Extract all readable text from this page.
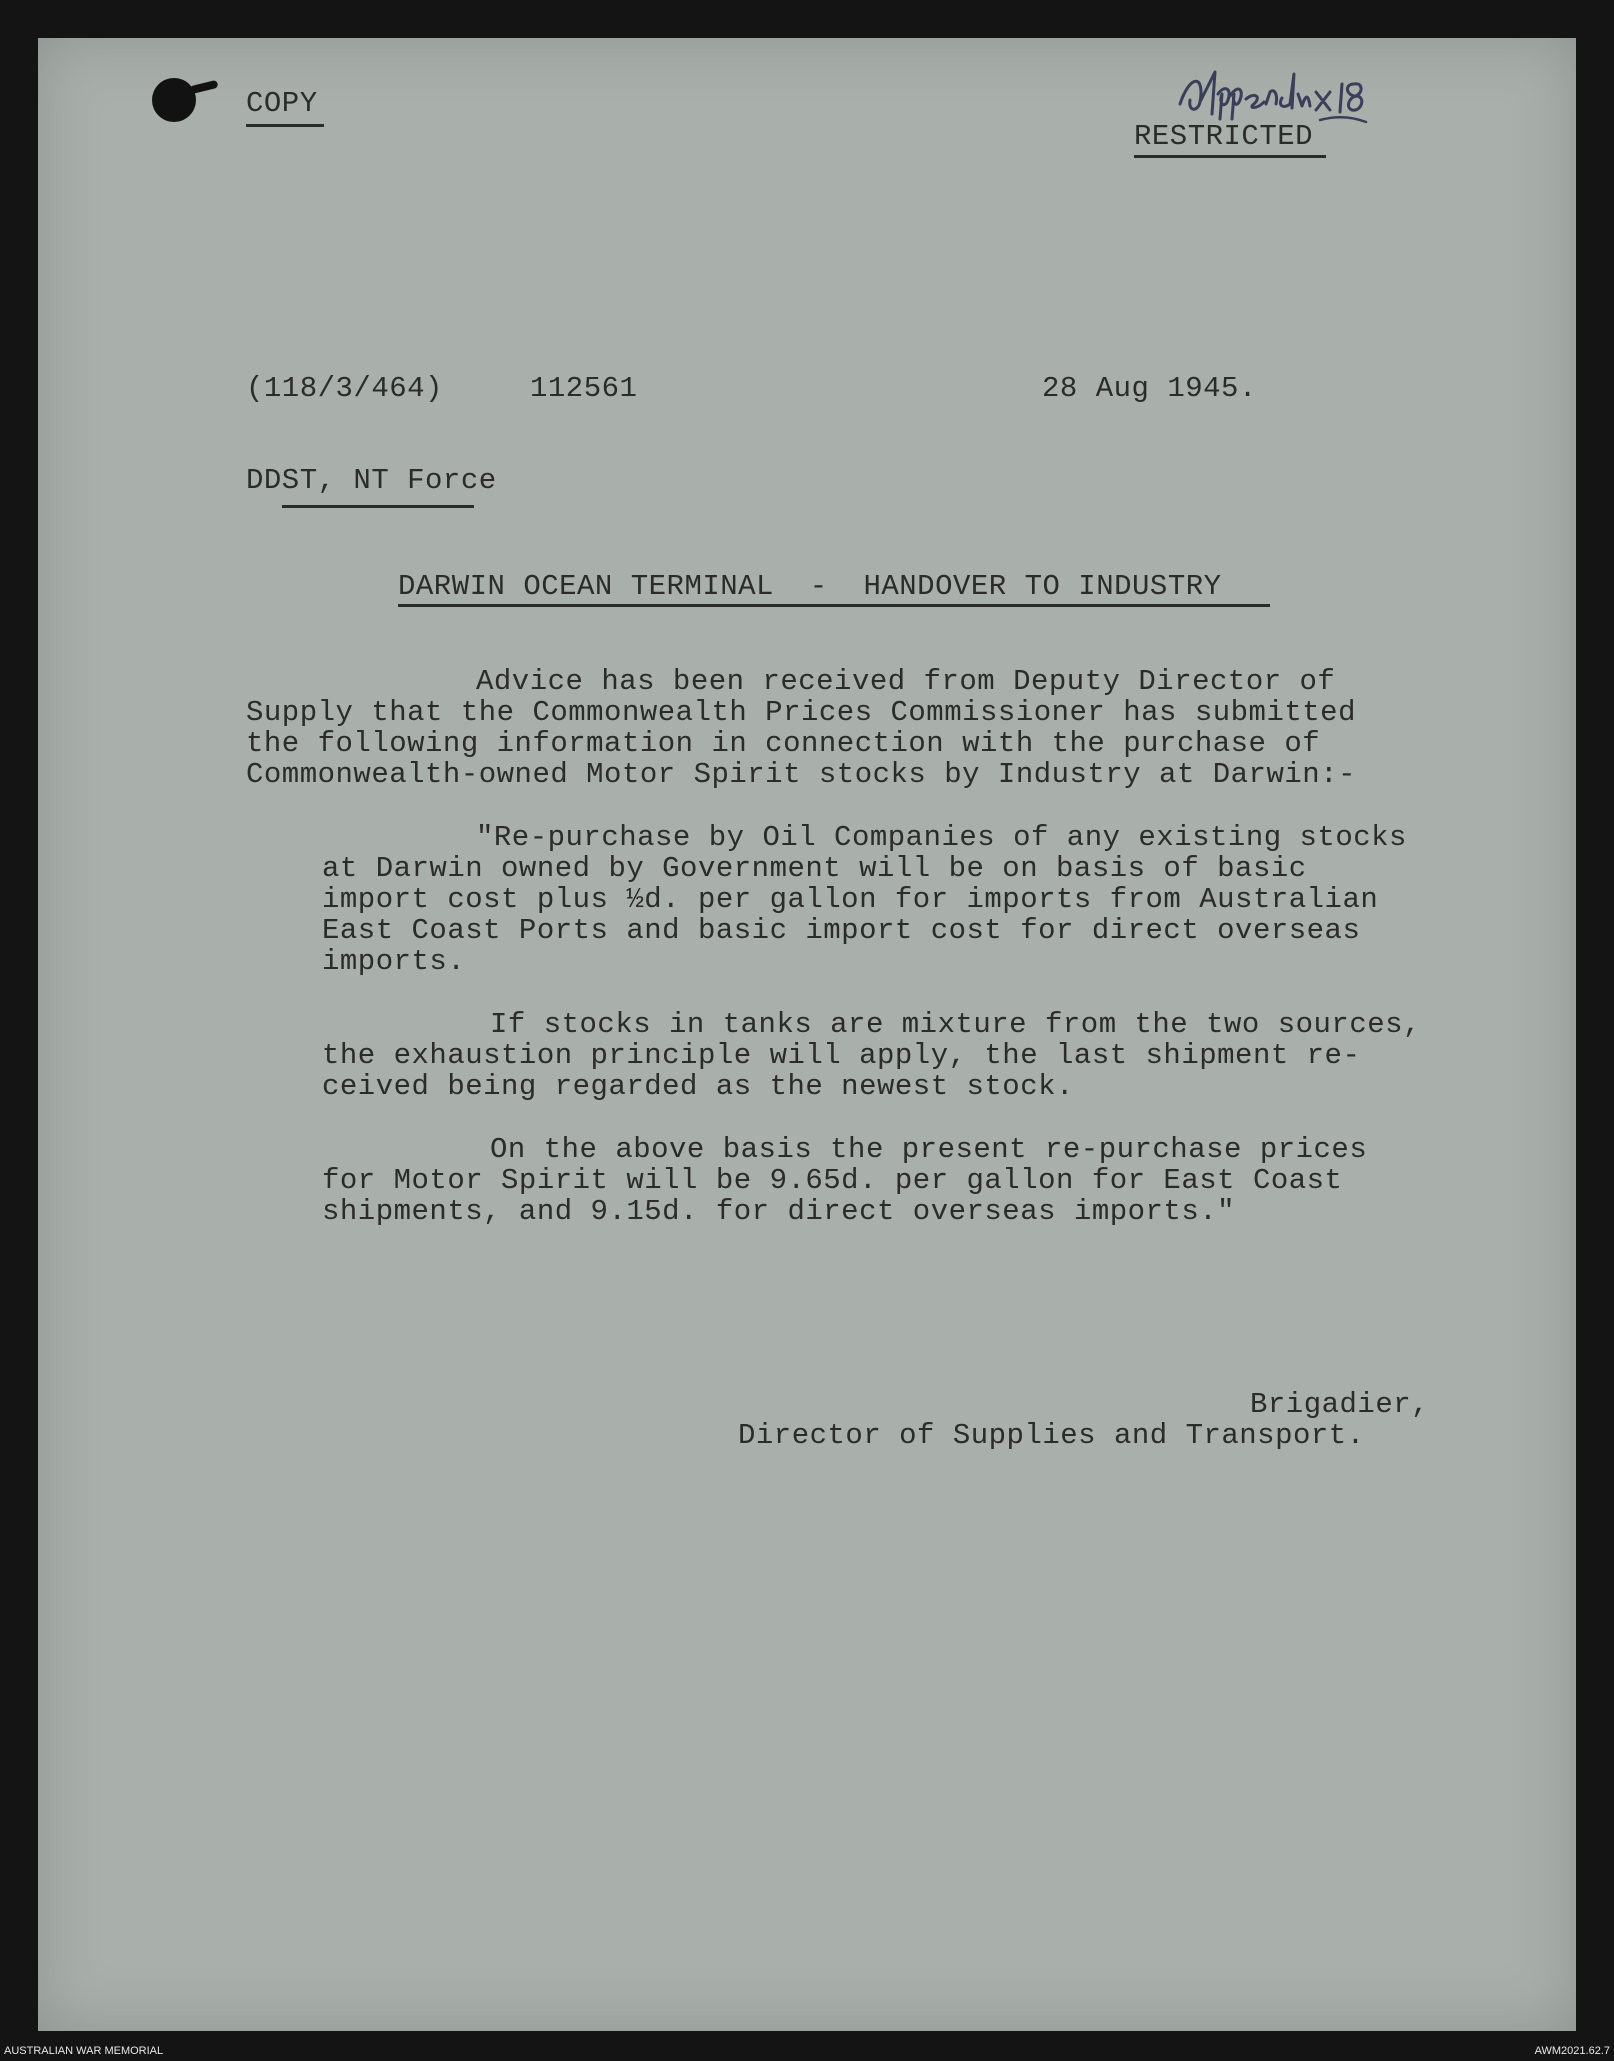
COPY
RESTRICTED
(118/3/464)	112561	28 Aug 1945.
DDST, NT Force
DARWIN OCEAN TERMINAL  -  HANDOVER TO INDUSTRY
Advice has been received from Deputy Director of
Supply that the Commonwealth Prices Commissioner has submitted
the following information in connection with the purchase of
Commonwealth-owned Motor Spirit stocks by Industry at Darwin:-
"Re-purchase by Oil Companies of any existing stocks
at Darwin owned by Government will be on basis of basic
import cost plus ½d. per gallon for imports from Australian
East Coast Ports and basic import cost for direct overseas
imports.
If stocks in tanks are mixture from the two sources,
the exhaustion principle will apply, the last shipment re-
ceived being regarded as the newest stock.
On the above basis the present re-purchase prices
for Motor Spirit will be 9.65d. per gallon for East Coast
shipments, and 9.15d. for direct overseas imports."
Brigadier,
Director of Supplies and Transport.
AUSTRALIAN WAR MEMORIAL	AWM2021.62.7
